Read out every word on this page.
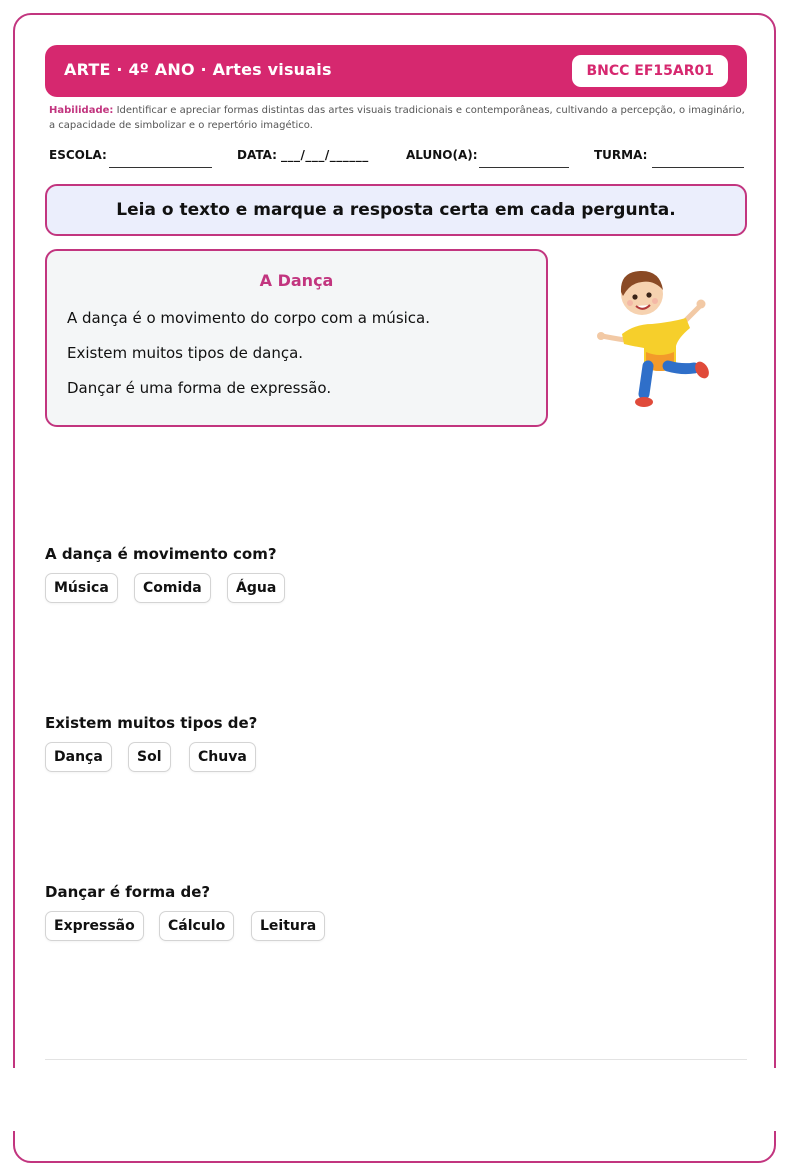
ARTE · 4º ANO · Artes visuais	BNCC EF15AR01
Habilidade: Identificar e apreciar formas distintas das artes visuais tradicionais e contemporâneas, cultivando a percepção, o imaginário, a capacidade de simbolizar e o repertório imagético.
ESCOLA:	DATA: ___/___/______	ALUNO(A):	TURMA:
Leia o texto e marque a resposta certa em cada pergunta.
A Dança
A dança é o movimento do corpo com a música.
Existem muitos tipos de dança.
Dançar é uma forma de expressão.
A dança é movimento com?
Música	Comida	Água
Existem muitos tipos de?
Dança	Sol	Chuva
Dançar é forma de?
Expressão	Cálculo	Leitura
